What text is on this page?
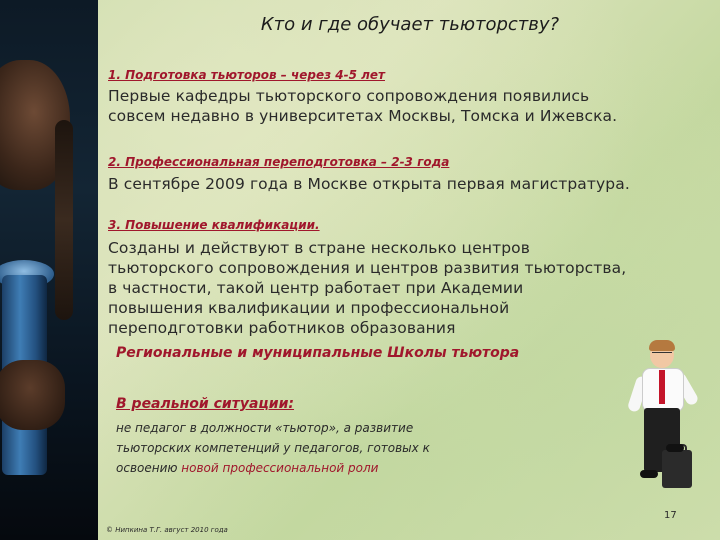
Кто и где обучает тьюторству?
1. Подготовка тьюторов – через 4-5 лет
Первые кафедры тьюторского сопровождения появились
совсем недавно в университетах Москвы, Томска и Ижевска.
2. Профессиональная переподготовка – 2-3 года
В сентябре 2009 года в Москве открыта первая магистратура.
3. Повышение квалификации.
Созданы и действуют в стране несколько центров
тьюторского сопровождения и центров развития тьюторства,
в частности, такой центр работает при Академии
повышения квалификации и профессиональной
переподготовки работников образования
Региональные и муниципальные Школы тьютора
В реальной ситуации:
не педагог в должности «тьютор», а развитие
тьюторских компетенций у педагогов, готовых к
освоению новой профессиональной роли
17
© Нипкина Т.Г. август 2010 года
